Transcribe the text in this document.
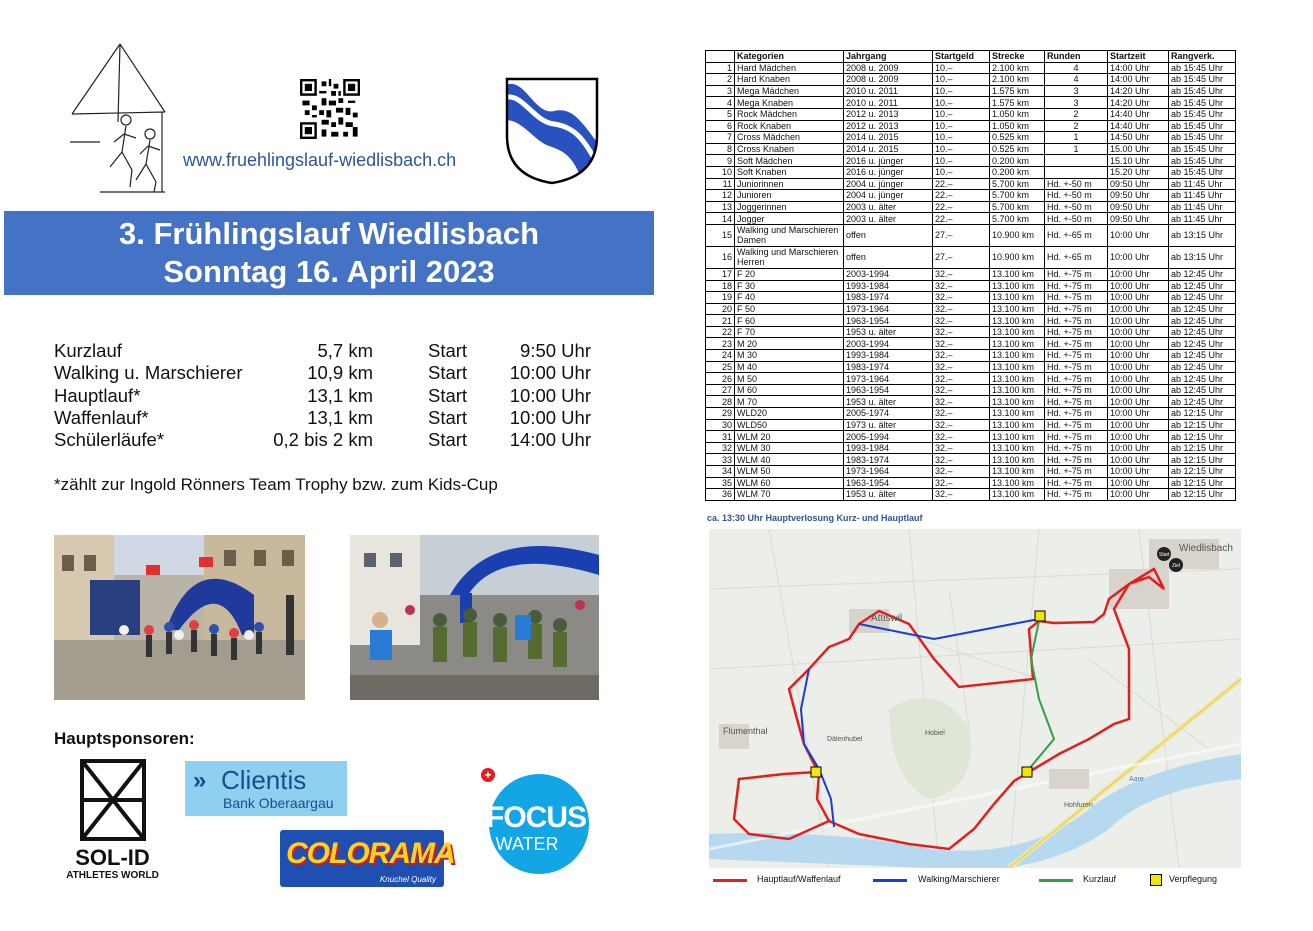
www.fruehlingslauf-wiedlisbach.ch
3. Frühlingslauf Wiedlisbach
Sonntag 16. April 2023
Kurzlauf	5,7 km	Start	9:50 Uhr
Walking u. Marschierer	10,9 km	Start 10:00 Uhr
Hauptlauf*	13,1 km	Start 10:00 Uhr
Waffenlauf*	13,1 km	Start 10:00 Uhr
Schülerläufe*	0,2 bis 2 km	Start 14:00 Uhr
*zählt zur Ingold Rönners Team Trophy bzw. zum Kids-Cup
Hauptsponsoren:
SOL-ID
ATHLETES WORLD
» Clientis
Bank Oberaargau
COLORAMA
Knuchel Quality
+
FOCUS
WATER
	Kategorien	Jahrgang	Startgeld	Strecke	Runden	Startzeit	Rangverk.
1	Hard Mädchen	2008 u. 2009	10.–	2.100 km	4	14:00 Uhr	ab 15:45 Uhr
2	Hard Knaben	2008 u. 2009	10.–	2.100 km	4	14:00 Uhr	ab 15:45 Uhr
3	Mega Mädchen	2010 u. 2011	10.–	1.575 km	3	14:20 Uhr	ab 15:45 Uhr
4	Mega Knaben	2010 u. 2011	10.–	1.575 km	3	14:20 Uhr	ab 15:45 Uhr
5	Rock Mädchen	2012 u. 2013	10.–	1.050 km	2	14:40 Uhr	ab 15:45 Uhr
6	Rock Knaben	2012 u. 2013	10.–	1.050 km	2	14:40 Uhr	ab 15:45 Uhr
7	Cross Mädchen	2014 u. 2015	10.–	0.525 km	1	14:50 Uhr	ab 15:45 Uhr
8	Cross Knaben	2014 u. 2015	10.–	0.525 km	1	15.00 Uhr	ab 15:45 Uhr
9	Soft Mädchen	2016 u. jünger	10.–	0.200 km		15.10 Uhr	ab 15:45 Uhr
10	Soft Knaben	2016 u. jünger	10.–	0.200 km		15.20 Uhr	ab 15:45 Uhr
11	Juniorinnen	2004 u. jünger	22.–	5.700 km	Hd. +-50 m	09:50 Uhr	ab 11:45 Uhr
12	Junioren	2004 u. jünger	22.–	5.700 km	Hd. +-50 m	09:50 Uhr	ab 11:45 Uhr
13	Joggerinnen	2003 u. älter	22.–	5.700 km	Hd. +-50 m	09:50 Uhr	ab 11:45 Uhr
14	Jogger	2003 u. älter	22.–	5.700 km	Hd. +-50 m	09:50 Uhr	ab 11:45 Uhr
15	Walking und Marschieren Damen	offen	27.–	10.900 km	Hd. +-65 m	10:00 Uhr	ab 13:15 Uhr
16	Walking und Marschieren Herren	offen	27.–	10.900 km	Hd. +-65 m	10:00 Uhr	ab 13:15 Uhr
17	F 20	2003-1994	32.–	13.100 km	Hd. +-75 m	10:00 Uhr	ab 12:45 Uhr
18	F 30	1993-1984	32.–	13.100 km	Hd. +-75 m	10:00 Uhr	ab 12:45 Uhr
19	F 40	1983-1974	32.–	13.100 km	Hd. +-75 m	10:00 Uhr	ab 12:45 Uhr
20	F 50	1973-1964	32.–	13.100 km	Hd. +-75 m	10:00 Uhr	ab 12:45 Uhr
21	F 60	1963-1954	32.–	13.100 km	Hd. +-75 m	10:00 Uhr	ab 12:45 Uhr
22	F 70	1953 u. älter	32.–	13.100 km	Hd. +-75 m	10:00 Uhr	ab 12:45 Uhr
23	M 20	2003-1994	32.–	13.100 km	Hd. +-75 m	10:00 Uhr	ab 12:45 Uhr
24	M 30	1993-1984	32.–	13.100 km	Hd. +-75 m	10:00 Uhr	ab 12:45 Uhr
25	M 40	1983-1974	32.–	13.100 km	Hd. +-75 m	10:00 Uhr	ab 12:45 Uhr
26	M 50	1973-1964	32.–	13.100 km	Hd. +-75 m	10:00 Uhr	ab 12:45 Uhr
27	M 60	1963-1954	32.–	13.100 km	Hd. +-75 m	10:00 Uhr	ab 12:45 Uhr
28	M 70	1953 u. älter	32.–	13.100 km	Hd. +-75 m	10:00 Uhr	ab 12:45 Uhr
29	WLD20	2005-1974	32.–	13.100 km	Hd. +-75 m	10:00 Uhr	ab 12:15 Uhr
30	WLD50	1973 u. älter	32.–	13.100 km	Hd. +-75 m	10:00 Uhr	ab 12:15 Uhr
31	WLM 20	2005-1994	32.–	13.100 km	Hd. +-75 m	10:00 Uhr	ab 12:15 Uhr
32	WLM 30	1993-1984	32.–	13.100 km	Hd. +-75 m	10:00 Uhr	ab 12:15 Uhr
33	WLM 40	1983-1974	32.–	13.100 km	Hd. +-75 m	10:00 Uhr	ab 12:15 Uhr
34	WLM 50	1973-1964	32.–	13.100 km	Hd. +-75 m	10:00 Uhr	ab 12:15 Uhr
35	WLM 60	1963-1954	32.–	13.100 km	Hd. +-75 m	10:00 Uhr	ab 12:15 Uhr
36	WLM 70	1953 u. älter	32.–	13.100 km	Hd. +-75 m	10:00 Uhr	ab 12:15 Uhr
ca. 13:30 Uhr Hauptverlosung Kurz- und Hauptlauf
Start
Ziel
Wiedlisbach
Attiswil
Flumenthal
Dälenhubel
Hobiel
Hohfuren
Aare
Hauptlauf/Waffenlauf	Walking/Marschierer	Kurzlauf	Verpflegung
